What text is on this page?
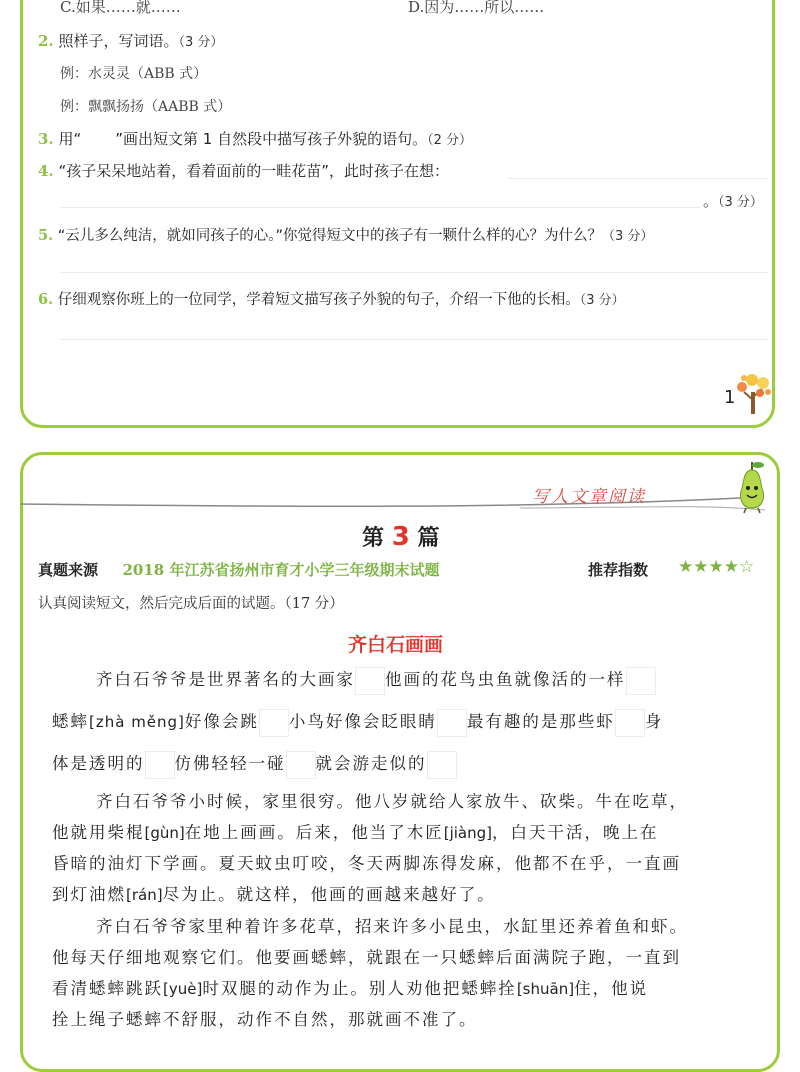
C.如果……就……	D.因为……所以……
2. 照样子，写词语。（3 分）
例：水灵灵（ABB 式）
例：飘飘扬扬（AABB 式）
3. 用“ ”画出短文第 1 自然段中描写孩子外貌的语句。（2 分）
4. “孩子呆呆地站着，看着面前的一畦花苗”，此时孩子在想：
。（3 分）
5. “云儿多么纯洁，就如同孩子的心。”你觉得短文中的孩子有一颗什么样的心？为什么？（3 分）
6. 仔细观察你班上的一位同学，学着短文描写孩子外貌的句子，介绍一下他的长相。（3 分）
1
写人文章阅读
第 3 篇
真题来源 2018 年江苏省扬州市育才小学三年级期末试题	推荐指数 ★★★★☆
认真阅读短文，然后完成后面的试题。（17 分）
齐白石画画
齐白石爷爷是世界著名的大画家 他画的花鸟虫鱼就像活的一样
蟋蟀[zhà měng]好像会跳 小鸟好像会眨眼睛 最有趣的是那些虾 身
体是透明的 仿佛轻轻一碰 就会游走似的
齐白石爷爷小时候，家里很穷。他八岁就给人家放牛、砍柴。牛在吃草，
他就用柴棍[gùn]在地上画画。后来，他当了木匠[jiàng]，白天干活，晚上在
昏暗的油灯下学画。夏天蚊虫叮咬，冬天两脚冻得发麻，他都不在乎，一直画
到灯油燃[rán]尽为止。就这样，他画的画越来越好了。
齐白石爷爷家里种着许多花草，招来许多小昆虫，水缸里还养着鱼和虾。
他每天仔细地观察它们。他要画蟋蟀，就跟在一只蟋蟀后面满院子跑，一直到
看清蟋蟀跳跃[yuè]时双腿的动作为止。别人劝他把蟋蟀拴[shuān]住，他说
拴上绳子蟋蟀不舒服，动作不自然，那就画不准了。
